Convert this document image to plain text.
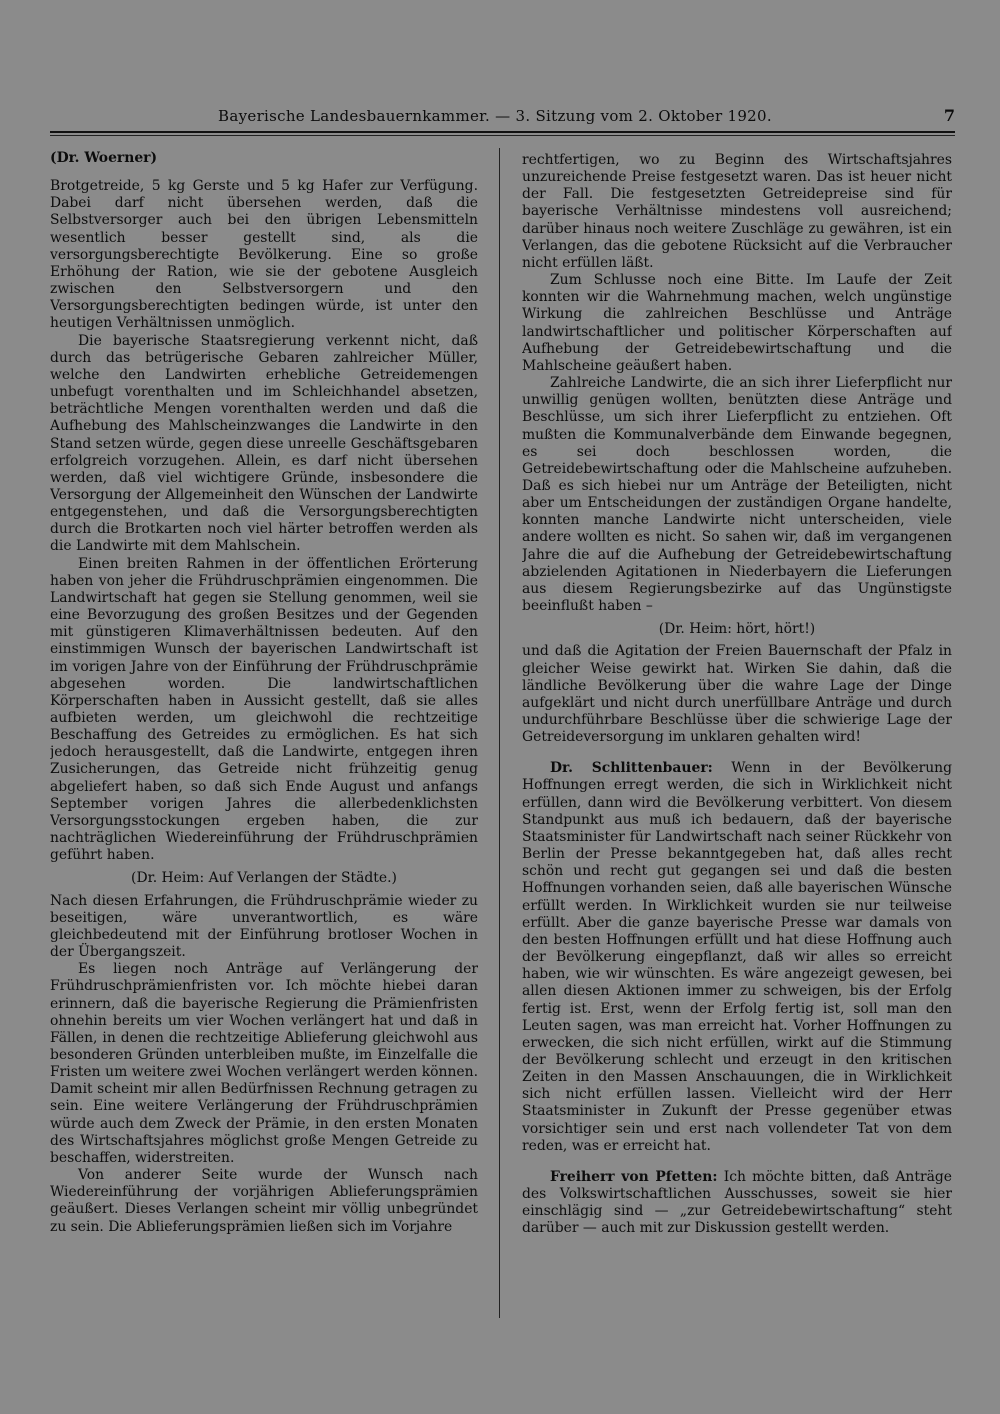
Bayerische Landesbauernkammer. — 3. Sitzung vom 2. Oktober 1920.	7

(Dr. Woerner)

Brotgetreide, 5 kg Gerste und 5 kg Hafer zur Verfügung. Dabei darf nicht übersehen werden, daß die Selbstversorger auch bei den übrigen Lebensmitteln wesentlich besser gestellt sind, als die versorgungsberechtigte Bevölkerung. Eine so große Erhöhung der Ration, wie sie der gebotene Ausgleich zwischen den Selbstversorgern und den Versorgungsberechtigten bedingen würde, ist unter den heutigen Verhältnissen unmöglich.

Die bayerische Staatsregierung verkennt nicht, daß durch das betrügerische Gebaren zahlreicher Müller, welche den Landwirten erhebliche Getreidemengen unbefugt vorenthalten und im Schleichhandel absetzen, beträchtliche Mengen vorenthalten werden und daß die Aufhebung des Mahlscheinzwanges die Landwirte in den Stand setzen würde, gegen diese unreelle Geschäftsgebaren erfolgreich vorzugehen. Allein, es darf nicht übersehen werden, daß viel wichtigere Gründe, insbesondere die Versorgung der Allgemeinheit den Wünschen der Landwirte entgegenstehen, und daß die Versorgungsberechtigten durch die Brotkarten noch viel härter betroffen werden als die Landwirte mit dem Mahlschein.

Einen breiten Rahmen in der öffentlichen Erörterung haben von jeher die Frühdruschprämien eingenommen. Die Landwirtschaft hat gegen sie Stellung genommen, weil sie eine Bevorzugung des großen Besitzes und der Gegenden mit günstigeren Klimaverhältnissen bedeuten. Auf den einstimmigen Wunsch der bayerischen Landwirtschaft ist im vorigen Jahre von der Einführung der Frühdruschprämie abgesehen worden. Die landwirtschaftlichen Körperschaften haben in Aussicht gestellt, daß sie alles aufbieten werden, um gleichwohl die rechtzeitige Beschaffung des Getreides zu ermöglichen. Es hat sich jedoch herausgestellt, daß die Landwirte, entgegen ihren Zusicherungen, das Getreide nicht frühzeitig genug abgeliefert haben, so daß sich Ende August und anfangs September vorigen Jahres die allerbedenklichsten Versorgungsstockungen ergeben haben, die zur nachträglichen Wiedereinführung der Frühdruschprämien geführt haben.

(Dr. Heim: Auf Verlangen der Städte.)

Nach diesen Erfahrungen, die Frühdruschprämie wieder zu beseitigen, wäre unverantwortlich, es wäre gleichbedeutend mit der Einführung brotloser Wochen in der Übergangszeit.

Es liegen noch Anträge auf Verlängerung der Frühdruschprämienfristen vor. Ich möchte hiebei daran erinnern, daß die bayerische Regierung die Prämienfristen ohnehin bereits um vier Wochen verlängert hat und daß in Fällen, in denen die rechtzeitige Ablieferung gleichwohl aus besonderen Gründen unterbleiben mußte, im Einzelfalle die Fristen um weitere zwei Wochen verlängert werden können. Damit scheint mir allen Bedürfnissen Rechnung getragen zu sein. Eine weitere Verlängerung der Frühdruschprämien würde auch dem Zweck der Prämie, in den ersten Monaten des Wirtschaftsjahres möglichst große Mengen Getreide zu beschaffen, widerstreiten.

Von anderer Seite wurde der Wunsch nach Wiedereinführung der vorjährigen Ablieferungsprämien geäußert. Dieses Verlangen scheint mir völlig unbegründet zu sein. Die Ablieferungsprämien ließen sich im Vorjahre

rechtfertigen, wo zu Beginn des Wirtschaftsjahres unzureichende Preise festgesetzt waren. Das ist heuer nicht der Fall. Die festgesetzten Getreidepreise sind für bayerische Verhältnisse mindestens voll ausreichend; darüber hinaus noch weitere Zuschläge zu gewähren, ist ein Verlangen, das die gebotene Rücksicht auf die Verbraucher nicht erfüllen läßt.

Zum Schlusse noch eine Bitte. Im Laufe der Zeit konnten wir die Wahrnehmung machen, welch ungünstige Wirkung die zahlreichen Beschlüsse und Anträge landwirtschaftlicher und politischer Körperschaften auf Aufhebung der Getreidebewirtschaftung und die Mahlscheine geäußert haben.

Zahlreiche Landwirte, die an sich ihrer Lieferpflicht nur unwillig genügen wollten, benützten diese Anträge und Beschlüsse, um sich ihrer Lieferpflicht zu entziehen. Oft mußten die Kommunalverbände dem Einwande begegnen, es sei doch beschlossen worden, die Getreidebewirtschaftung oder die Mahlscheine aufzuheben. Daß es sich hiebei nur um Anträge der Beteiligten, nicht aber um Entscheidungen der zuständigen Organe handelte, konnten manche Landwirte nicht unterscheiden, viele andere wollten es nicht. So sahen wir, daß im vergangenen Jahre die auf die Aufhebung der Getreidebewirtschaftung abzielenden Agitationen in Niederbayern die Lieferungen aus diesem Regierungsbezirke auf das Ungünstigste beeinflußt haben –

(Dr. Heim: hört, hört!)

und daß die Agitation der Freien Bauernschaft der Pfalz in gleicher Weise gewirkt hat. Wirken Sie dahin, daß die ländliche Bevölkerung über die wahre Lage der Dinge aufgeklärt und nicht durch unerfüllbare Anträge und durch undurchführbare Beschlüsse über die schwierige Lage der Getreideversorgung im unklaren gehalten wird!

Dr. Schlittenbauer: Wenn in der Bevölkerung Hoffnungen erregt werden, die sich in Wirklichkeit nicht erfüllen, dann wird die Bevölkerung verbittert. Von diesem Standpunkt aus muß ich bedauern, daß der bayerische Staatsminister für Landwirtschaft nach seiner Rückkehr von Berlin der Presse bekanntgegeben hat, daß alles recht schön und recht gut gegangen sei und daß die besten Hoffnungen vorhanden seien, daß alle bayerischen Wünsche erfüllt werden. In Wirklichkeit wurden sie nur teilweise erfüllt. Aber die ganze bayerische Presse war damals von den besten Hoffnungen erfüllt und hat diese Hoffnung auch der Bevölkerung eingepflanzt, daß wir alles so erreicht haben, wie wir wünschten. Es wäre angezeigt gewesen, bei allen diesen Aktionen immer zu schweigen, bis der Erfolg fertig ist. Erst, wenn der Erfolg fertig ist, soll man den Leuten sagen, was man erreicht hat. Vorher Hoffnungen zu erwecken, die sich nicht erfüllen, wirkt auf die Stimmung der Bevölkerung schlecht und erzeugt in den kritischen Zeiten in den Massen Anschauungen, die in Wirklichkeit sich nicht erfüllen lassen. Vielleicht wird der Herr Staatsminister in Zukunft der Presse gegenüber etwas vorsichtiger sein und erst nach vollendeter Tat von dem reden, was er erreicht hat.

Freiherr von Pfetten: Ich möchte bitten, daß Anträge des Volkswirtschaftlichen Ausschusses, soweit sie hier einschlägig sind — „zur Getreidebewirtschaftung“ steht darüber — auch mit zur Diskussion gestellt werden.
